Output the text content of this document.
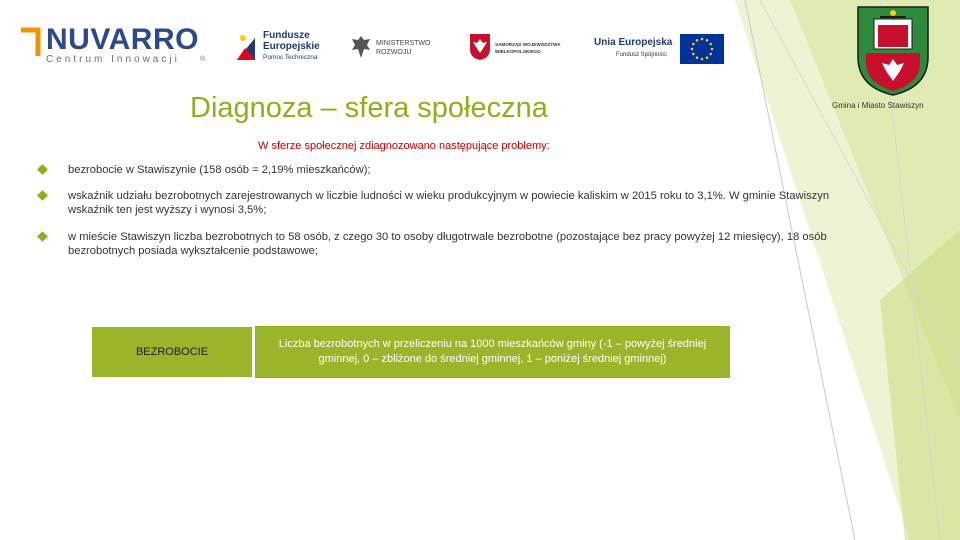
NUVARRO
Centrum Innowacji	®
Fundusze
Europejskie
Pomoc Techniczna
MINISTERSTWO
ROZWOJU
SAMORZĄD WOJEWÓDZTWA
WIELKOPOLSKIEGO
Unia Europejska
Fundusz Spójności
Diagnoza – sfera społeczna	Gmina i Miasto Stawiszyn
W sferze społecznej zdiagnozowano następujące problemy:
bezrobocie w Stawiszynie (158 osób = 2,19% mieszkańców);
wskaźnik udziału bezrobotnych zarejestrowanych w liczbie ludności w wieku produkcyjnym w powiecie kaliskim w 2015 roku to 3,1%. W gminie Stawiszyn wskaźnik ten jest wyższy i wynosi 3,5%;
w mieście Stawiszyn liczba bezrobotnych to 58 osób, z czego 30 to osoby długotrwale bezrobotne (pozostające bez pracy powyżej 12 miesięcy), 18 osób bezrobotnych posiada wykształcenie podstawowe;
BEZROBOCIE
Liczba bezrobotnych w przeliczeniu na 1000 mieszkańców gminy (-1 – powyżej średniej gminnej, 0 – zbliżone do średniej gminnej, 1 – poniżej średniej gminnej)
